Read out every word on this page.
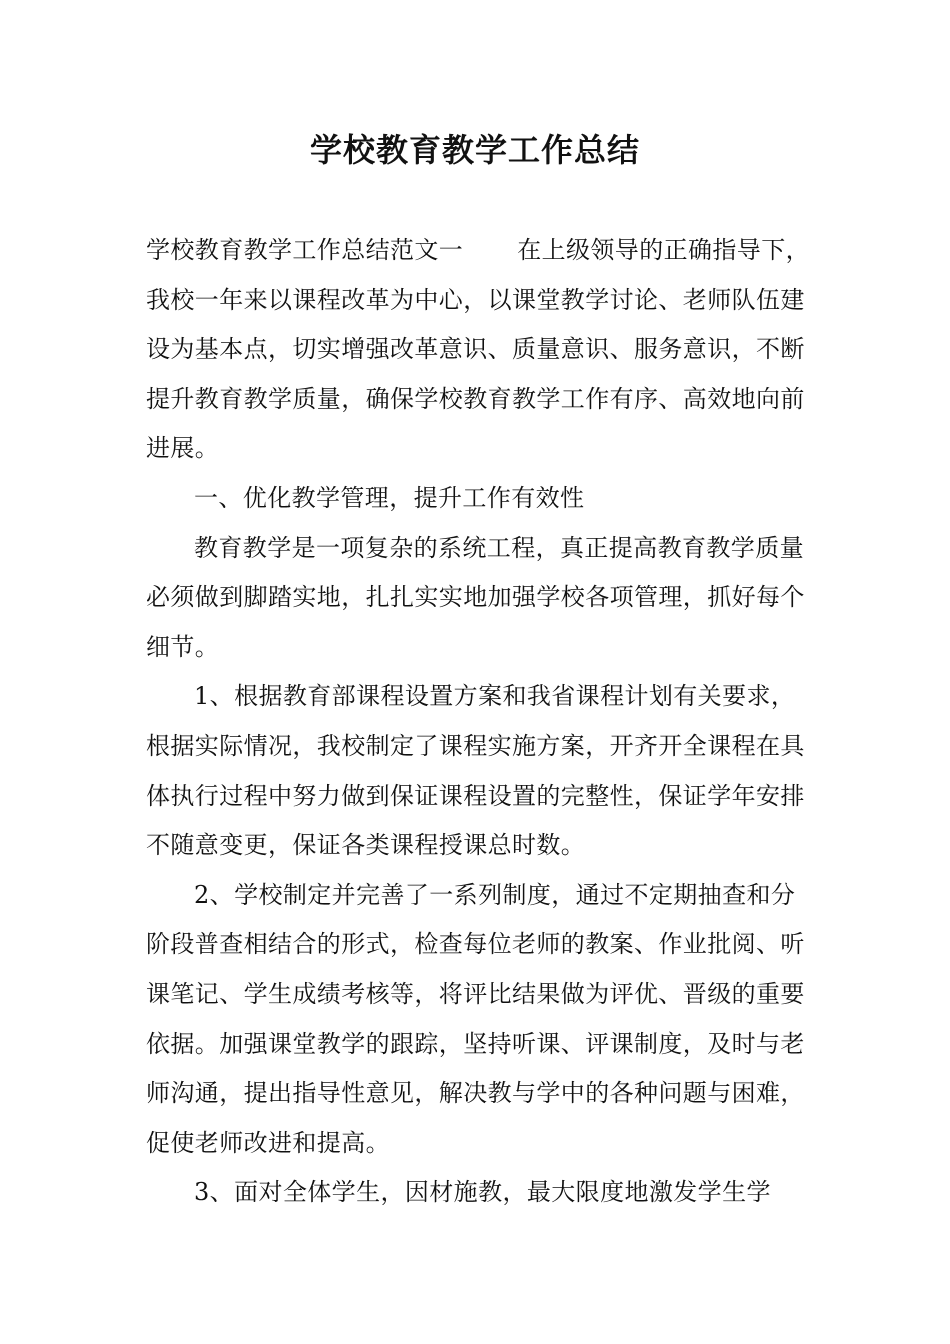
学校教育教学工作总结

学校教育教学工作总结范文一 在上级领导的正确指导下，我校一年来以课程改革为中心，以课堂教学讨论、老师队伍建设为基本点，切实增强改革意识、质量意识、服务意识，不断提升教育教学质量，确保学校教育教学工作有序、高效地向前进展。

一、优化教学管理，提升工作有效性

教育教学是一项复杂的系统工程，真正提高教育教学质量必须做到脚踏实地，扎扎实实地加强学校各项管理，抓好每个细节。

1、根据教育部课程设置方案和我省课程计划有关要求，根据实际情况，我校制定了课程实施方案，开齐开全课程在具体执行过程中努力做到保证课程设置的完整性，保证学年安排不随意变更，保证各类课程授课总时数。

2、学校制定并完善了一系列制度，通过不定期抽查和分阶段普查相结合的形式，检查每位老师的教案、作业批阅、听课笔记、学生成绩考核等，将评比结果做为评优、晋级的重要依据。加强课堂教学的跟踪，坚持听课、评课制度，及时与老师沟通，提出指导性意见，解决教与学中的各种问题与困难，促使老师改进和提高。

3、面对全体学生，因材施教，最大限度地激发学生学
